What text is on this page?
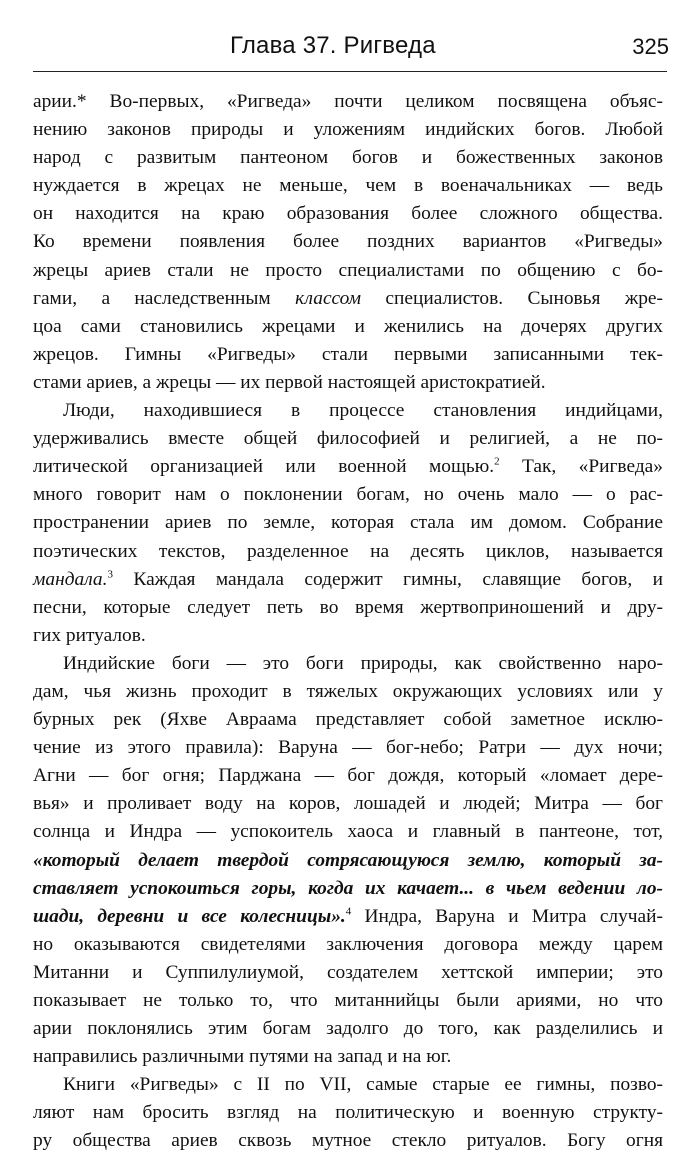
Глава 37. Ригведа	325
арии.* Во-первых, «Ригведа» почти целиком посвящена объяс-
нению законов природы и уложениям индийских богов. Любой
народ с развитым пантеоном богов и божественных законов
нуждается в жрецах не меньше, чем в военачальниках — ведь
он находится на краю образования более сложного общества.
Ко времени появления более поздних вариантов «Ригведы»
жрецы ариев стали не просто специалистами по общению с бо-
гами, а наследственным классом специалистов. Сыновья жре-
цоа сами становились жрецами и женились на дочерях других
жрецов. Гимны «Ригведы» стали первыми записанными тек-
стами ариев, а жрецы — их первой настоящей аристократией.
Люди, находившиеся в процессе становления индийцами,
удерживались вместе общей философией и религией, а не по-
литической организацией или военной мощью.$^2$ Так, «Ригведа»
много говорит нам о поклонении богам, но очень мало — о рас-
пространении ариев по земле, которая стала им домом. Собрание
поэтических текстов, разделенное на десять циклов, называется
мандала.$^3$ Каждая мандала содержит гимны, славящие богов, и
песни, которые следует петь во время жертвоприношений и дру-
гих ритуалов.
Индийские боги — это боги природы, как свойственно наро-
дам, чья жизнь проходит в тяжелых окружающих условиях или у
бурных рек (Яхве Авраама представляет собой заметное исклю-
чение из этого правила): Варуна — бог-небо; Ратри — дух ночи;
Агни — бог огня; Парджана — бог дождя, который «ломает дере-
вья» и проливает воду на коров, лошадей и людей; Митра — бог
солнца и Индра — успокоитель хаоса и главный в пантеоне, тот,
«который делает твердой сотрясающуюся землю, который за-
ставляет успокоиться горы, когда их качает... в чьем ведении ло-
шади, деревни и все колесницы».$^4$ Индра, Варуна и Митра случай-
но оказываются свидетелями заключения договора между царем
Митанни и Суппилулиумой, создателем хеттской империи; это
показывает не только то, что митаннийцы были ариями, но что
арии поклонялись этим богам задолго до того, как разделились и
направились различными путями на запад и на юг.
Книги «Ригведы» с II по VII, самые старые ее гимны, позво-
ляют нам бросить взгляд на политическую и военную структу-
ру общества ариев сквозь мутное стекло ритуалов. Богу огня
